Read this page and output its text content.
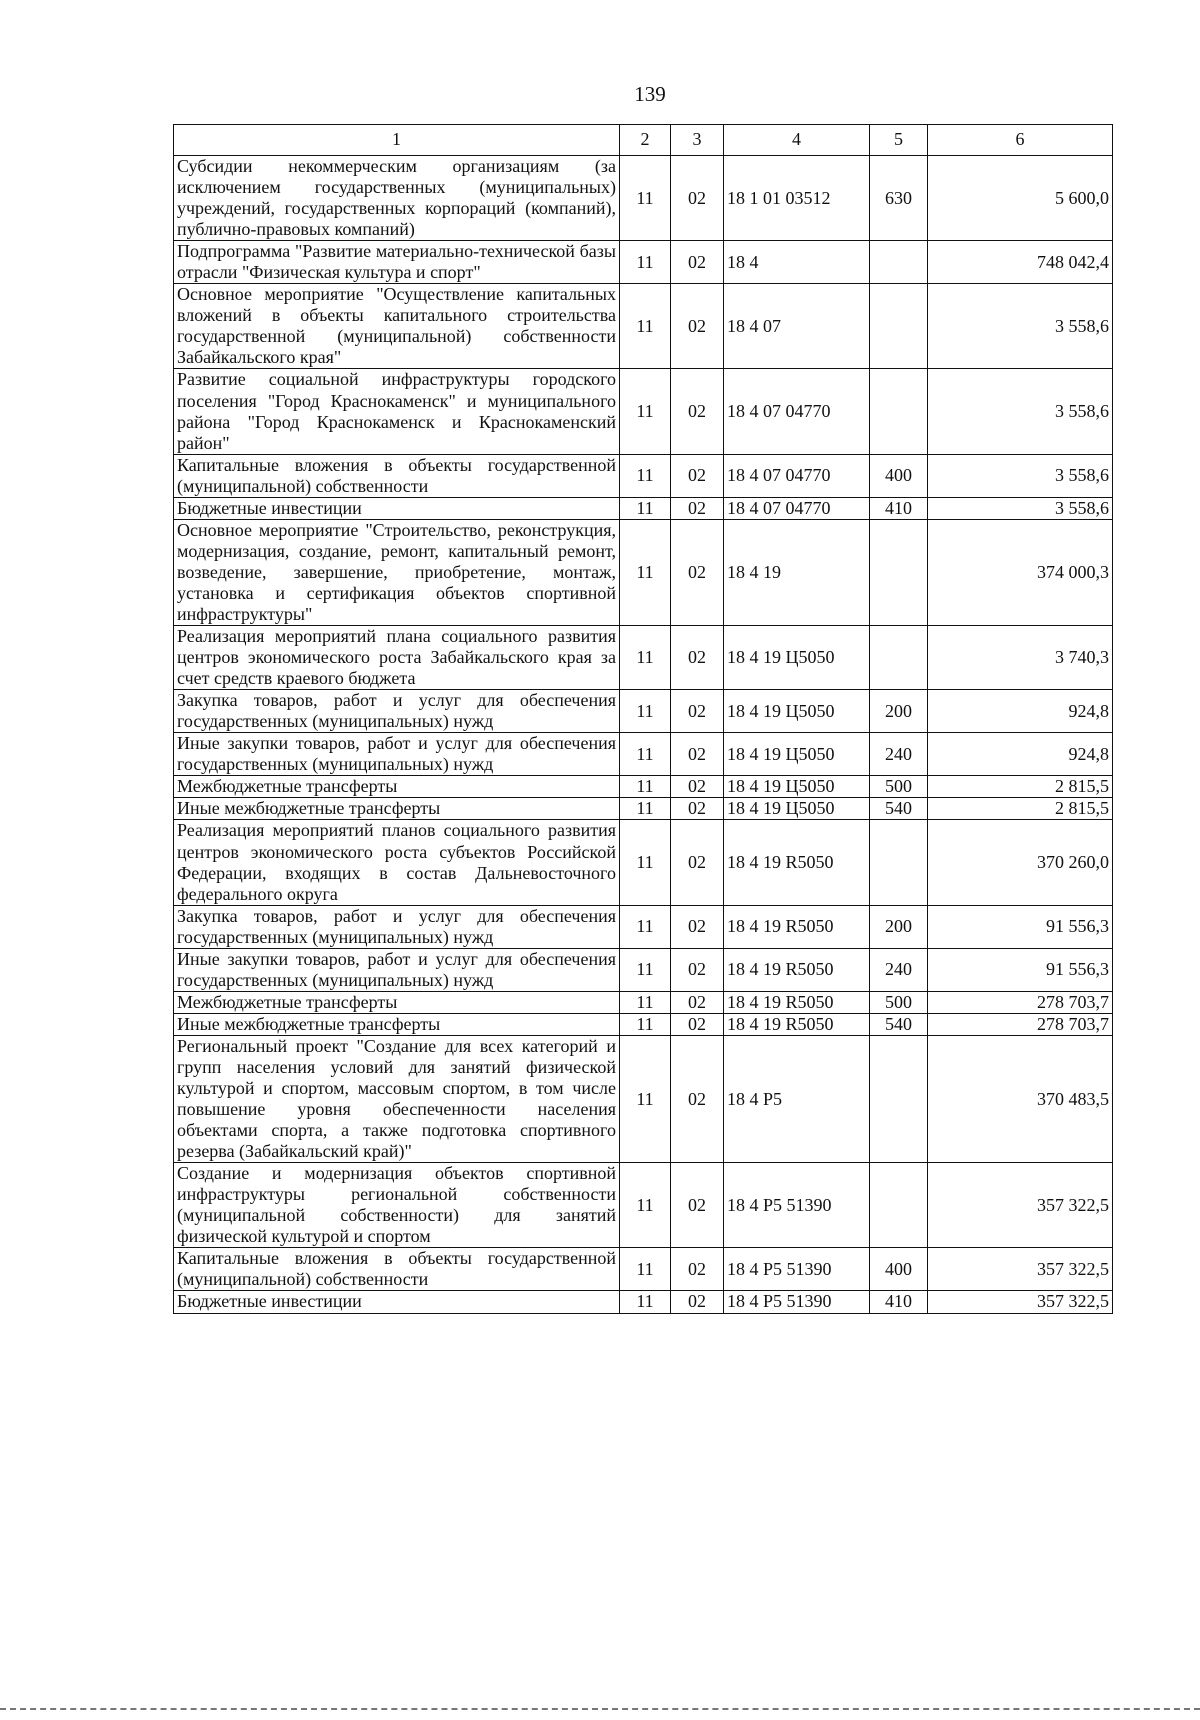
139
1	2	3	4	5	6
Субсидии некоммерческим организациям (за исключением государственных (муниципальных) учреждений, государственных корпораций (компаний), публично-правовых компаний)	11	02	18 1 01 03512	630	5 600,0
Подпрограмма "Развитие материально-технической базы отрасли "Физическая культура и спорт"	11	02	18 4		748 042,4
Основное мероприятие "Осуществление капитальных вложений в объекты капитального строительства государственной (муниципальной) собственности Забайкальского края"	11	02	18 4 07		3 558,6
Развитие социальной инфраструктуры городского поселения "Город Краснокаменск" и муниципального района "Город Краснокаменск и Краснокаменский район"	11	02	18 4 07 04770		3 558,6
Капитальные вложения в объекты государственной (муниципальной) собственности	11	02	18 4 07 04770	400	3 558,6
Бюджетные инвестиции	11	02	18 4 07 04770	410	3 558,6
Основное мероприятие "Строительство, реконструкция, модернизация, создание, ремонт, капитальный ремонт, возведение, завершение, приобретение, монтаж, установка и сертификация объектов спортивной инфраструктуры"	11	02	18 4 19		374 000,3
Реализация мероприятий плана социального развития центров экономического роста Забайкальского края за счет средств краевого бюджета	11	02	18 4 19 Ц5050		3 740,3
Закупка товаров, работ и услуг для обеспечения государственных (муниципальных) нужд	11	02	18 4 19 Ц5050	200	924,8
Иные закупки товаров, работ и услуг для обеспечения государственных (муниципальных) нужд	11	02	18 4 19 Ц5050	240	924,8
Межбюджетные трансферты	11	02	18 4 19 Ц5050	500	2 815,5
Иные межбюджетные трансферты	11	02	18 4 19 Ц5050	540	2 815,5
Реализация мероприятий планов социального развития центров экономического роста субъектов Российской Федерации, входящих в состав Дальневосточного федерального округа	11	02	18 4 19 R5050		370 260,0
Закупка товаров, работ и услуг для обеспечения государственных (муниципальных) нужд	11	02	18 4 19 R5050	200	91 556,3
Иные закупки товаров, работ и услуг для обеспечения государственных (муниципальных) нужд	11	02	18 4 19 R5050	240	91 556,3
Межбюджетные трансферты	11	02	18 4 19 R5050	500	278 703,7
Иные межбюджетные трансферты	11	02	18 4 19 R5050	540	278 703,7
Региональный проект "Создание для всех категорий и групп населения условий для занятий физической культурой и спортом, массовым спортом, в том числе повышение уровня обеспеченности населения объектами спорта, а также подготовка спортивного резерва (Забайкальский край)"	11	02	18 4 P5		370 483,5
Создание и модернизация объектов спортивной инфраструктуры региональной собственности (муниципальной собственности) для занятий физической культурой и спортом	11	02	18 4 P5 51390		357 322,5
Капитальные вложения в объекты государственной (муниципальной) собственности	11	02	18 4 P5 51390	400	357 322,5
Бюджетные инвестиции	11	02	18 4 P5 51390	410	357 322,5
